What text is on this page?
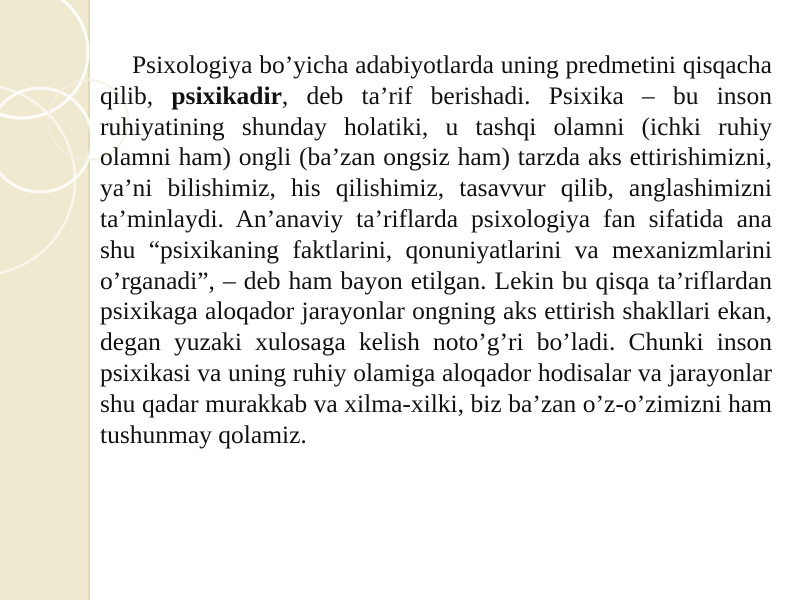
Psixologiya bo’yicha adabiyotlarda uning predmetini qisqacha qilib, psixikadir, deb ta’rif berishadi. Psixika – bu inson ruhiyatining shunday holatiki, u tashqi olamni (ichki ruhiy olamni ham) ongli (ba’zan ongsiz ham) tarzda aks ettirishimizni, ya’ni bilishimiz, his qilishimiz, tasavvur qilib, anglashimizni ta’minlaydi. An’anaviy ta’riflarda psixologiya fan sifatida ana shu “psixikaning faktlarini, qonuniyatlarini va mexanizmlarini o’rganadi”, – deb ham bayon etilgan. Lekin bu qisqa ta’riflardan psixikaga aloqador jarayonlar ongning aks ettirish shakllari ekan, degan yuzaki xulosaga kelish noto’g’ri bo’ladi. Chunki inson psixikasi va uning ruhiy olamiga aloqador hodisalar va jarayonlar shu qadar murakkab va xilma-xilki, biz ba’zan o’z-o’zimizni ham tushunmay qolamiz.
